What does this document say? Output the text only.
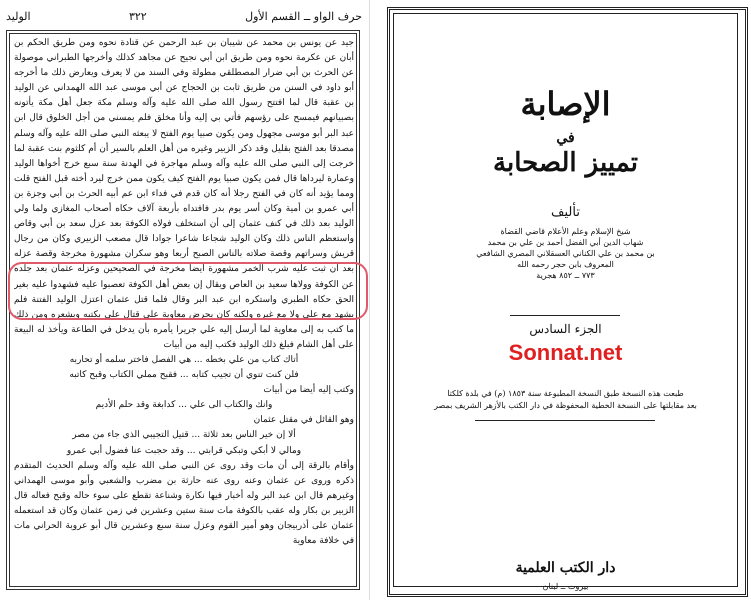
حرف الواو ــ القسم الأول
٣٢٢
الوليد

جيد عن يونس بن محمد عن شيبان بن عبد الرحمن عن قتادة نحوه ومن طريق الحكم بن أبان عن عكرمة نحوه ومن طريق ابن أبي نجيح عن مجاهد كذلك وأخرجها الطبراني موصولة عن الحرث بن أبي ضرار المصطلقي مطولة وفي السند من لا يعرف ويعارض ذلك ما أخرجه أبو داود في السنن من طريق ثابت بن الحجاج عن أبي موسى عبد الله الهمداني عن الوليد بن عقبة قال لما افتتح رسول الله صلى الله عليه وآله وسلم مكة جعل أهل مكة يأتونه بصبيانهم فيمسح على رؤسهم فأتي بي إليه وأنا مخلق فلم يمسني من أجل الخلوق قال ابن عبد البر أبو موسى مجهول ومن يكون صبيا يوم الفتح لا يبعثه النبي صلى الله عليه وآله وسلم مصدقا بعد الفتح بقليل وقد ذكر الزبير وغيره من أهل العلم بالسير أن أم كلثوم بنت عقبة لما خرجت إلى النبي صلى الله عليه وآله وسلم مهاجرة في الهدنة سنة سبع خرج أخواها الوليد وعمارة ليرداها قال فمن يكون صبيا يوم الفتح كيف يكون ممن خرج ليرد أخته قبل الفتح قلت ومما يؤيد أنه كان في الفتح رجلا أنه كان قدم في فداء ابن عم أبيه الحرث بن أبي وجزة بن أبي عمرو بن أمية وكان أسر يوم بدر فافتداه بأربعة آلاف حكاه أصحاب المغازي ولما ولي الوليد بعد ذلك في كنف عثمان إلى أن استخلف فولاه الكوفة بعد عزل سعد بن أبي وقاص واستعظم الناس ذلك وكان الوليد شجاعا شاعرا جوادا قال مصعب الزبيري وكان من رجال قريش وسراتهم وقصة صلاته بالناس الصبح أربعا وهو سكران مشهورة مخرجة وقصة عزله بعد أن ثبت عليه شرب الخمر مشهورة أيضا مخرجة في الصحيحين وعزله عثمان بعد جلده عن الكوفة وولاها سعيد بن العاص ويقال إن بعض أهل الكوفة تعصبوا عليه فشهدوا عليه بغير الحق حكاه الطبري واستكره ابن عبد البر وقال فلما قتل عثمان اعتزل الوليد الفتنة فلم يشهد مع علي ولا مع غيره ولكنه كان يحرض معاوية على قتال علي بكتبه وبشعره ومن ذلك ما كتب به إلى معاوية لما أرسل إليه علي جريرا يأمره بأن يدخل في الطاعة ويأخذ له البيعة على أهل الشام فبلغ ذلك الوليد فكتب إليه من أبيات

أتاك كتاب من علي بخطه ... هي الفصل فاختر سلمه أو تحاربه

فلن كنت تنوي أن تجيب كتابه ... فقبح مملي الكتاب وقبح كاتبه

وكتب إليه أيضا من أبيات

وانك والكتاب الى علي ... كدابغة وقد حلم الأديم

وهو القائل في مقتل عثمان

ألا إن خير الناس بعد ثلاثة ... قتيل التجيبي الذي جاء من مصر

ومالي لا أبكي وتبكي قرابتي ... وقد حجبت عنا فضول أبي عمرو

وأقام بالرقة إلى أن مات وقد روى عن النبي صلى الله عليه وآله وسلم الحديث المتقدم ذكره وروى عن عثمان وعنه روى عنه حارثة بن مضرب والشعبي وأبو موسى الهمداني وغيرهم قال ابن عبد البر وله أخبار فيها نكارة وشناعة تقطع على سوء حاله وقبح فعاله قال الزبير بن بكار وله عقب بالكوفة مات سنة ستين وعشرين في زمن عثمان وكان قد استعمله عثمان على أذربيجان وهو أمير القوم وعزل سنة سبع وعشرين قال أبو عروبة الحراني مات في خلافة معاوية

الإصابة
في
تمييز الصحابة
تأليف
شيخ الإسلام وعلم الأعلام قاضي القضاة
شهاب الدين أبي الفضل أحمد بن علي بن محمد
بن محمد بن علي الكناني العسقلاني المصري الشافعي
المعروف بابن حجر رحمه الله
٧٧٣ ــ ٨٥٢ هجرية
الجزء السادس
Sonnat.net
طبعت هذه النسخة طبق النسخة المطبوعة سنة ١٨٥٣ (م) في بلدة كلكتا
بعد مقابلتها على النسخة الخطية المحفوظة في دار الكتب بالأزهر الشريف بمصر
دار الكتب العلمية
بيروت ــ لبنان
